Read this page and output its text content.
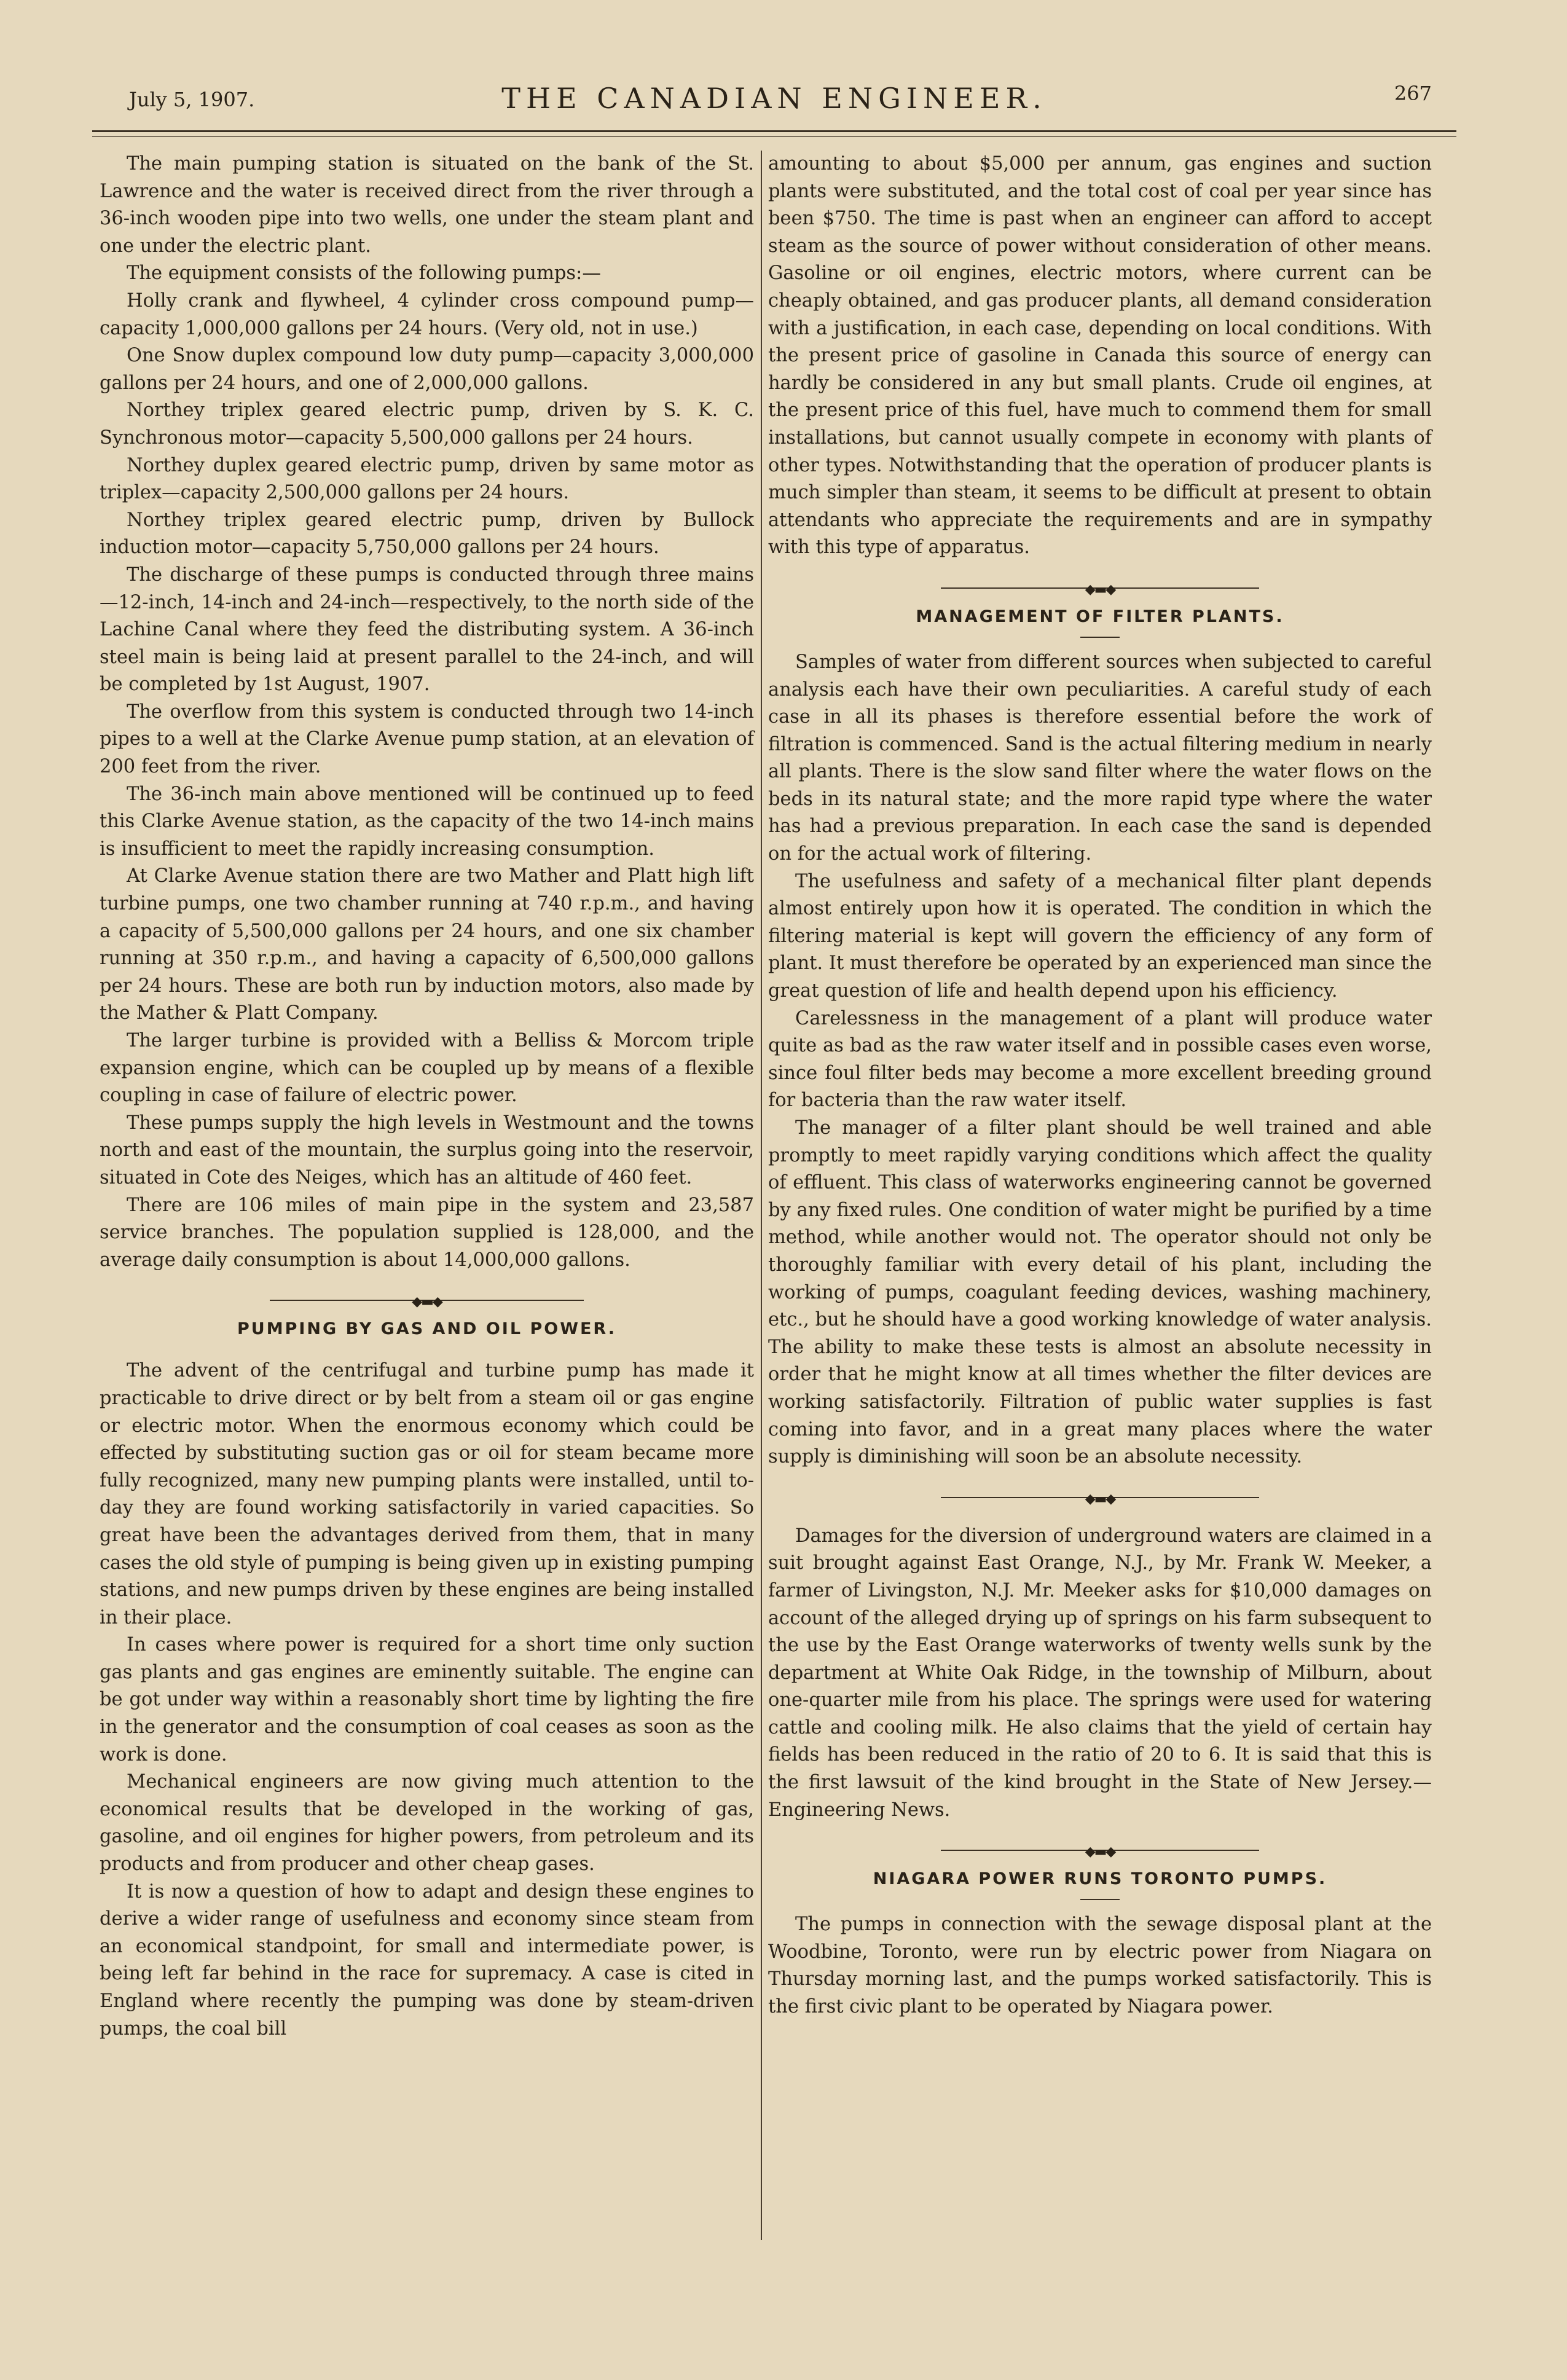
July 5, 1907.	THE CANADIAN ENGINEER.	267

The main pumping station is situated on the bank of the St. Lawrence and the water is received direct from the river through a 36-inch wooden pipe into two wells, one under the steam plant and one under the electric plant.

The equipment consists of the following pumps:—

Holly crank and flywheel, 4 cylinder cross compound pump—capacity 1,000,000 gallons per 24 hours. (Very old, not in use.)

One Snow duplex compound low duty pump—capacity 3,000,000 gallons per 24 hours, and one of 2,000,000 gallons.

Northey triplex geared electric pump, driven by S. K. C. Synchronous motor—capacity 5,500,000 gallons per 24 hours.

Northey duplex geared electric pump, driven by same motor as triplex—capacity 2,500,000 gallons per 24 hours.

Northey triplex geared electric pump, driven by Bullock induction motor—capacity 5,750,000 gallons per 24 hours.

The discharge of these pumps is conducted through three mains—12-inch, 14-inch and 24-inch—respectively, to the north side of the Lachine Canal where they feed the distributing system. A 36-inch steel main is being laid at present parallel to the 24-inch, and will be completed by 1st August, 1907.

The overflow from this system is conducted through two 14-inch pipes to a well at the Clarke Avenue pump station, at an elevation of 200 feet from the river.

The 36-inch main above mentioned will be continued up to feed this Clarke Avenue station, as the capacity of the two 14-inch mains is insufficient to meet the rapidly increasing consumption.

At Clarke Avenue station there are two Mather and Platt high lift turbine pumps, one two chamber running at 740 r.p.m., and having a capacity of 5,500,000 gallons per 24 hours, and one six chamber running at 350 r.p.m., and having a capacity of 6,500,000 gallons per 24 hours. These are both run by induction motors, also made by the Mather & Platt Company.

The larger turbine is provided with a Belliss & Morcom triple expansion engine, which can be coupled up by means of a flexible coupling in case of failure of electric power.

These pumps supply the high levels in Westmount and the towns north and east of the mountain, the surplus going into the reservoir, situated in Cote des Neiges, which has an altitude of 460 feet.

There are 106 miles of main pipe in the system and 23,587 service branches. The population supplied is 128,000, and the average daily consumption is about 14,000,000 gallons.

◆▬◆
PUMPING BY GAS AND OIL POWER.

The advent of the centrifugal and turbine pump has made it practicable to drive direct or by belt from a steam oil or gas engine or electric motor. When the enormous economy which could be effected by substituting suction gas or oil for steam became more fully recognized, many new pumping plants were installed, until to-day they are found working satisfactorily in varied capacities. So great have been the advantages derived from them, that in many cases the old style of pumping is being given up in existing pumping stations, and new pumps driven by these engines are being installed in their place.

In cases where power is required for a short time only suction gas plants and gas engines are eminently suitable. The engine can be got under way within a reasonably short time by lighting the fire in the generator and the consumption of coal ceases as soon as the work is done.

Mechanical engineers are now giving much attention to the economical results that be developed in the working of gas, gasoline, and oil engines for higher powers, from petroleum and its products and from producer and other cheap gases.

It is now a question of how to adapt and design these engines to derive a wider range of usefulness and economy since steam from an economical standpoint, for small and intermediate power, is being left far behind in the race for supremacy. A case is cited in England where recently the pumping was done by steam-driven pumps, the coal bill

amounting to about $5,000 per annum, gas engines and suction plants were substituted, and the total cost of coal per year since has been $750. The time is past when an engineer can afford to accept steam as the source of power without consideration of other means. Gasoline or oil engines, electric motors, where current can be cheaply obtained, and gas producer plants, all demand consideration with a justification, in each case, depending on local conditions. With the present price of gasoline in Canada this source of energy can hardly be considered in any but small plants. Crude oil engines, at the present price of this fuel, have much to commend them for small installations, but cannot usually compete in economy with plants of other types. Notwithstanding that the operation of producer plants is much simpler than steam, it seems to be difficult at present to obtain attendants who appreciate the requirements and are in sympathy with this type of apparatus.

◆▬◆
MANAGEMENT OF FILTER PLANTS.

Samples of water from different sources when subjected to careful analysis each have their own peculiarities. A careful study of each case in all its phases is therefore essential before the work of filtration is commenced. Sand is the actual filtering medium in nearly all plants. There is the slow sand filter where the water flows on the beds in its natural state; and the more rapid type where the water has had a previous preparation. In each case the sand is depended on for the actual work of filtering.

The usefulness and safety of a mechanical filter plant depends almost entirely upon how it is operated. The condition in which the filtering material is kept will govern the efficiency of any form of plant. It must therefore be operated by an experienced man since the great question of life and health depend upon his efficiency.

Carelessness in the management of a plant will produce water quite as bad as the raw water itself and in possible cases even worse, since foul filter beds may become a more excellent breeding ground for bacteria than the raw water itself.

The manager of a filter plant should be well trained and able promptly to meet rapidly varying conditions which affect the quality of effluent. This class of waterworks engineering cannot be governed by any fixed rules. One condition of water might be purified by a time method, while another would not. The operator should not only be thoroughly familiar with every detail of his plant, including the working of pumps, coagulant feeding devices, washing machinery, etc., but he should have a good working knowledge of water analysis. The ability to make these tests is almost an absolute necessity in order that he might know at all times whether the filter devices are working satisfactorily. Filtration of public water supplies is fast coming into favor, and in a great many places where the water supply is diminishing will soon be an absolute necessity.

◆▬◆

Damages for the diversion of underground waters are claimed in a suit brought against East Orange, N.J., by Mr. Frank W. Meeker, a farmer of Livingston, N.J. Mr. Meeker asks for $10,000 damages on account of the alleged drying up of springs on his farm subsequent to the use by the East Orange waterworks of twenty wells sunk by the department at White Oak Ridge, in the township of Milburn, about one-quarter mile from his place. The springs were used for watering cattle and cooling milk. He also claims that the yield of certain hay fields has been reduced in the ratio of 20 to 6. It is said that this is the first lawsuit of the kind brought in the State of New Jersey.—Engineering News.

◆▬◆
NIAGARA POWER RUNS TORONTO PUMPS.

The pumps in connection with the sewage disposal plant at the Woodbine, Toronto, were run by electric power from Niagara on Thursday morning last, and the pumps worked satisfactorily. This is the first civic plant to be operated by Niagara power.
